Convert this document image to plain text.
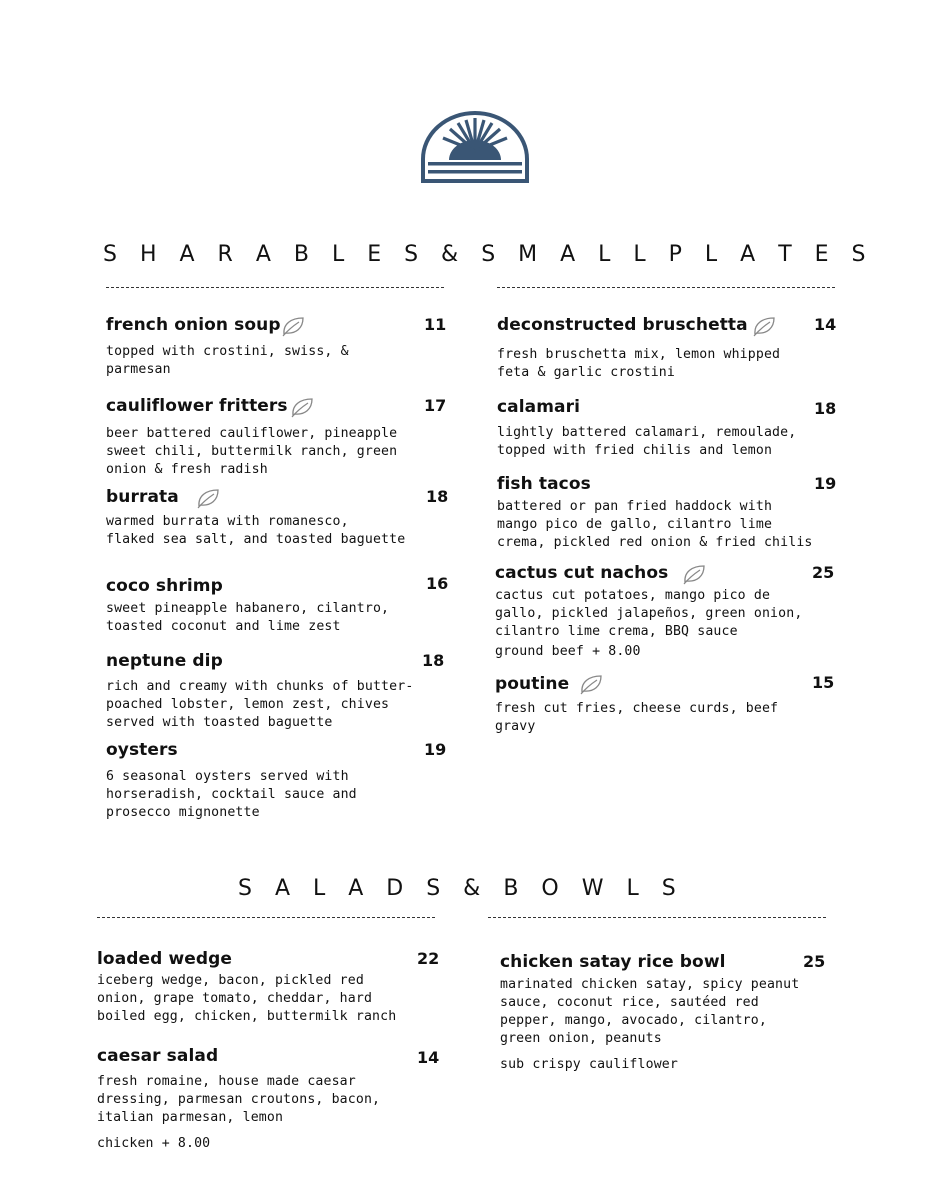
S H A R A B L E S & S M A L L P L A T E S
french onion soup	11
topped with crostini, swiss, &
parmesan
cauliflower fritters	17
beer battered cauliflower, pineapple
sweet chili, buttermilk ranch, green
onion & fresh radish
burrata	18
warmed burrata with romanesco,
flaked sea salt, and toasted baguette
coco shrimp	16
sweet pineapple habanero, cilantro,
toasted coconut and lime zest
neptune dip	18
rich and creamy with chunks of butter-
poached lobster, lemon zest, chives
served with toasted baguette
oysters	19
6 seasonal oysters served with
horseradish, cocktail sauce and
prosecco mignonette
deconstructed bruschetta	14
fresh bruschetta mix, lemon whipped
feta & garlic crostini
calamari	18
lightly battered calamari, remoulade,
topped with fried chilis and lemon
fish tacos	19
battered or pan fried haddock with
mango pico de gallo, cilantro lime
crema, pickled red onion & fried chilis
cactus cut nachos	25
cactus cut potatoes, mango pico de
gallo, pickled jalapeños, green onion,
cilantro lime crema, BBQ sauce
ground beef + 8.00
poutine	15
fresh cut fries, cheese curds, beef
gravy
S A L A D S & B O W L S
loaded wedge	22
iceberg wedge, bacon, pickled red
onion, grape tomato, cheddar, hard
boiled egg, chicken, buttermilk ranch
caesar salad	14
fresh romaine, house made caesar
dressing, parmesan croutons, bacon,
italian parmesan, lemon
chicken + 8.00
chicken satay rice bowl	25
marinated chicken satay, spicy peanut
sauce, coconut rice, sautéed red
pepper, mango, avocado, cilantro,
green onion, peanuts
sub crispy cauliflower
